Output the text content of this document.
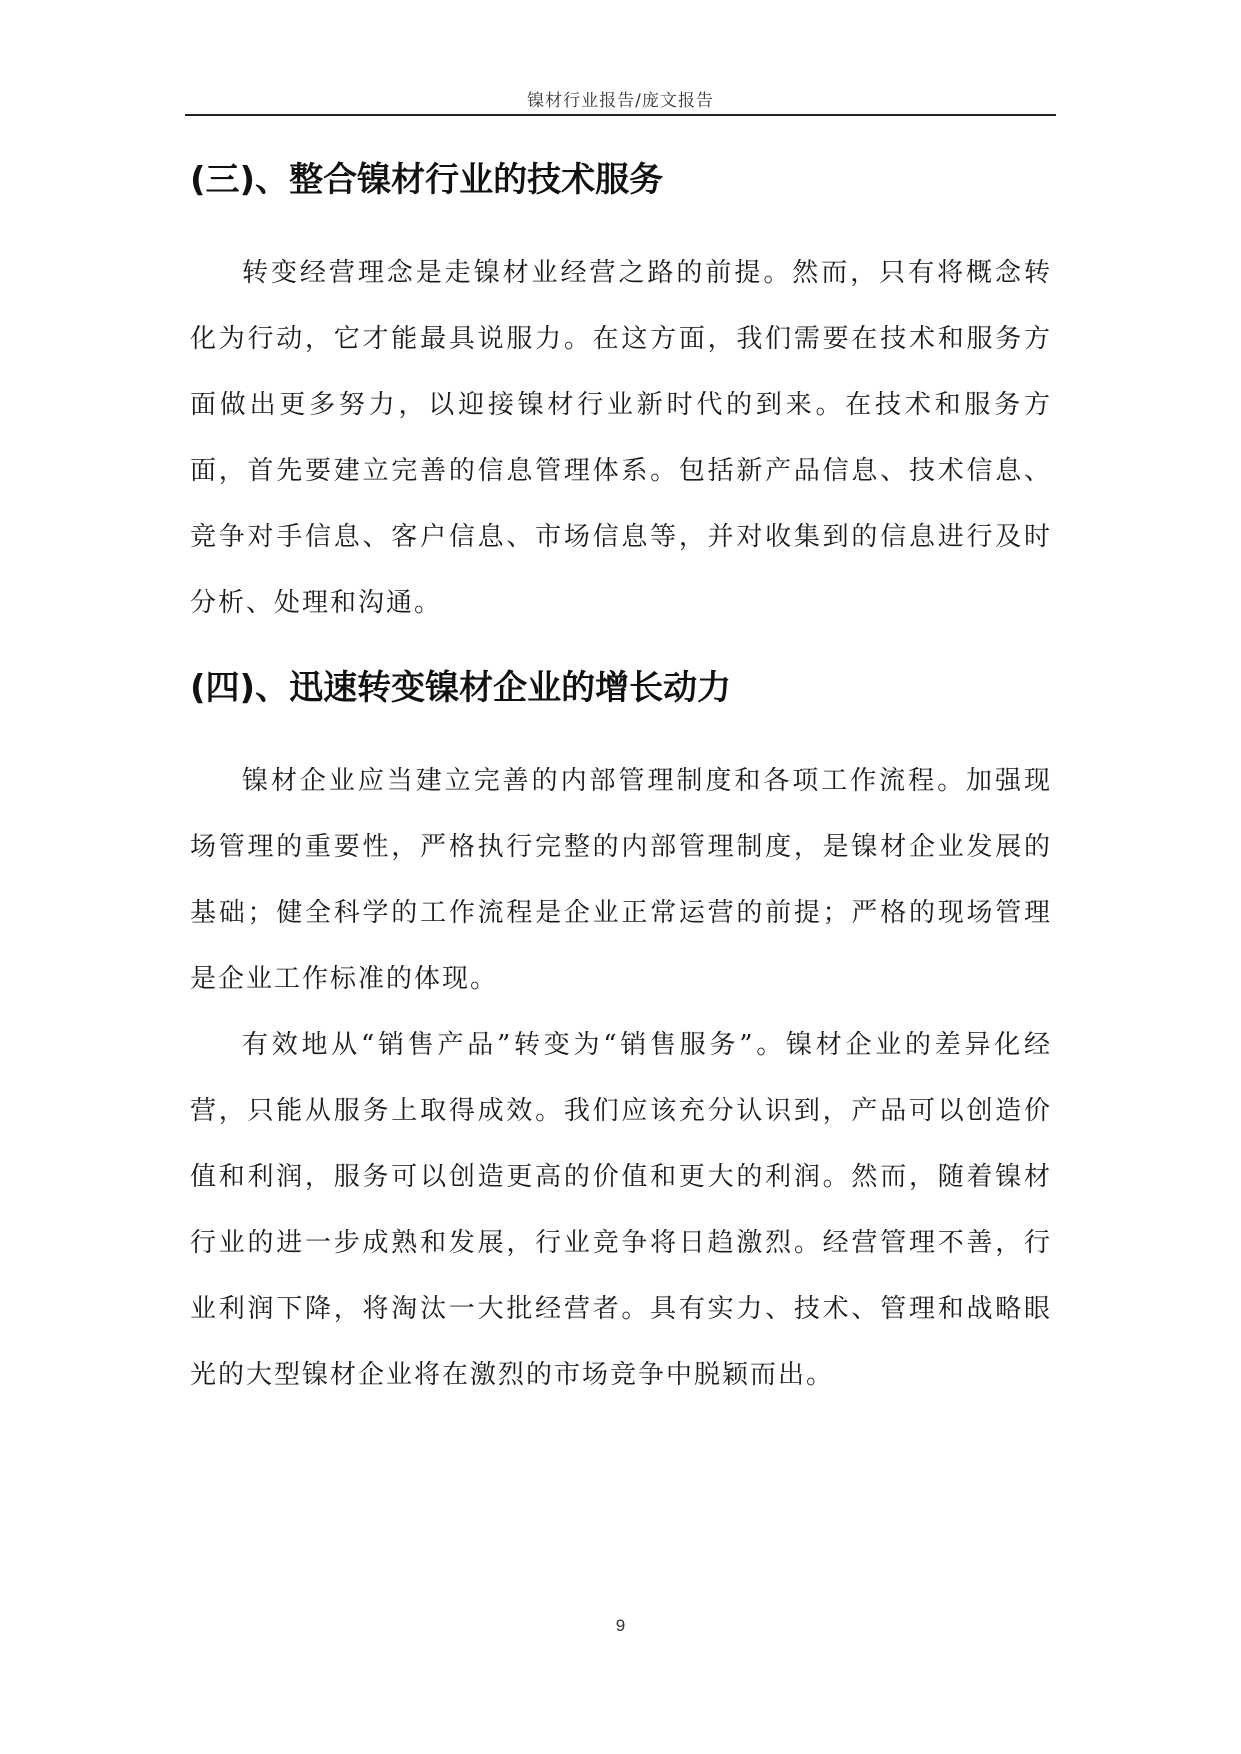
镍材行业报告/庞文报告
(三)、整合镍材行业的技术服务

转变经营理念是走镍材业经营之路的前提。然而，只有将概念转化为行动，它才能最具说服力。在这方面，我们需要在技术和服务方面做出更多努力，以迎接镍材行业新时代的到来。在技术和服务方面，首先要建立完善的信息管理体系。包括新产品信息、技术信息、竞争对手信息、客户信息、市场信息等，并对收集到的信息进行及时分析、处理和沟通。

(四)、迅速转变镍材企业的增长动力

镍材企业应当建立完善的内部管理制度和各项工作流程。加强现场管理的重要性，严格执行完整的内部管理制度，是镍材企业发展的基础；健全科学的工作流程是企业正常运营的前提；严格的现场管理是企业工作标准的体现。

有效地从“销售产品”转变为“销售服务”。镍材企业的差异化经营，只能从服务上取得成效。我们应该充分认识到，产品可以创造价值和利润，服务可以创造更高的价值和更大的利润。然而，随着镍材行业的进一步成熟和发展，行业竞争将日趋激烈。经营管理不善，行业利润下降，将淘汰一大批经营者。具有实力、技术、管理和战略眼光的大型镍材企业将在激烈的市场竞争中脱颖而出。

9
